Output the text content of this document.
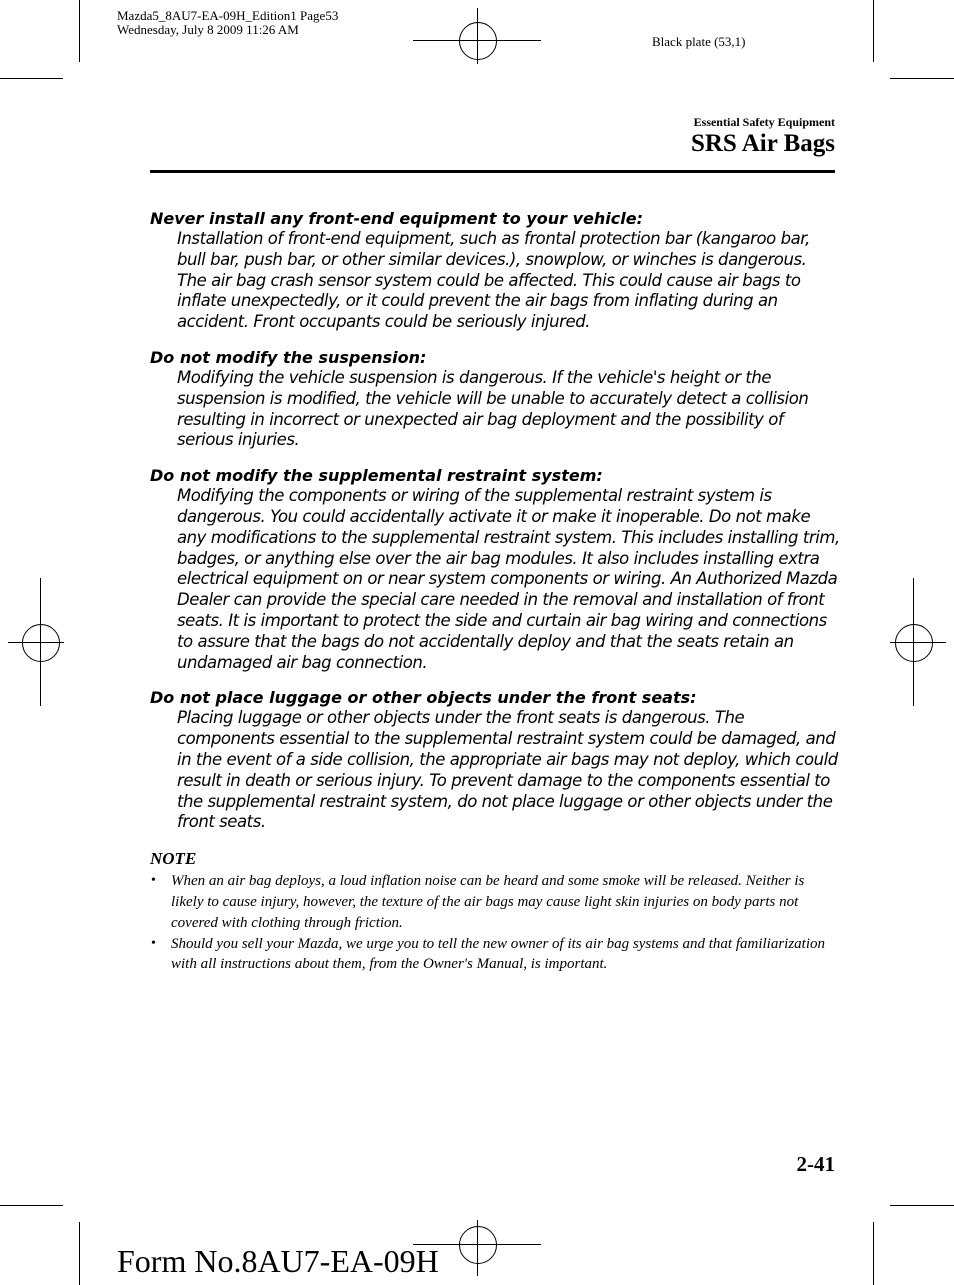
Mazda5_8AU7-EA-09H_Edition1 Page53
Wednesday, July 8 2009 11:26 AM
Black plate (53,1)
Essential Safety Equipment
SRS Air Bags
Never install any front-end equipment to your vehicle:
Installation of front-end equipment, such as frontal protection bar (kangaroo bar, bull bar, push bar, or other similar devices.), snowplow, or winches is dangerous. The air bag crash sensor system could be affected. This could cause air bags to inflate unexpectedly, or it could prevent the air bags from inflating during an accident. Front occupants could be seriously injured.
Do not modify the suspension:
Modifying the vehicle suspension is dangerous. If the vehicle's height or the suspension is modified, the vehicle will be unable to accurately detect a collision resulting in incorrect or unexpected air bag deployment and the possibility of serious injuries.
Do not modify the supplemental restraint system:
Modifying the components or wiring of the supplemental restraint system is dangerous. You could accidentally activate it or make it inoperable. Do not make any modifications to the supplemental restraint system. This includes installing trim, badges, or anything else over the air bag modules. It also includes installing extra electrical equipment on or near system components or wiring. An Authorized Mazda Dealer can provide the special care needed in the removal and installation of front seats. It is important to protect the side and curtain air bag wiring and connections to assure that the bags do not accidentally deploy and that the seats retain an undamaged air bag connection.
Do not place luggage or other objects under the front seats:
Placing luggage or other objects under the front seats is dangerous. The components essential to the supplemental restraint system could be damaged, and in the event of a side collision, the appropriate air bags may not deploy, which could result in death or serious injury. To prevent damage to the components essential to the supplemental restraint system, do not place luggage or other objects under the front seats.
NOTE
• When an air bag deploys, a loud inflation noise can be heard and some smoke will be released. Neither is likely to cause injury, however, the texture of the air bags may cause light skin injuries on body parts not covered with clothing through friction.
• Should you sell your Mazda, we urge you to tell the new owner of its air bag systems and that familiarization with all instructions about them, from the Owner's Manual, is important.
2-41
Form No.8AU7-EA-09H
